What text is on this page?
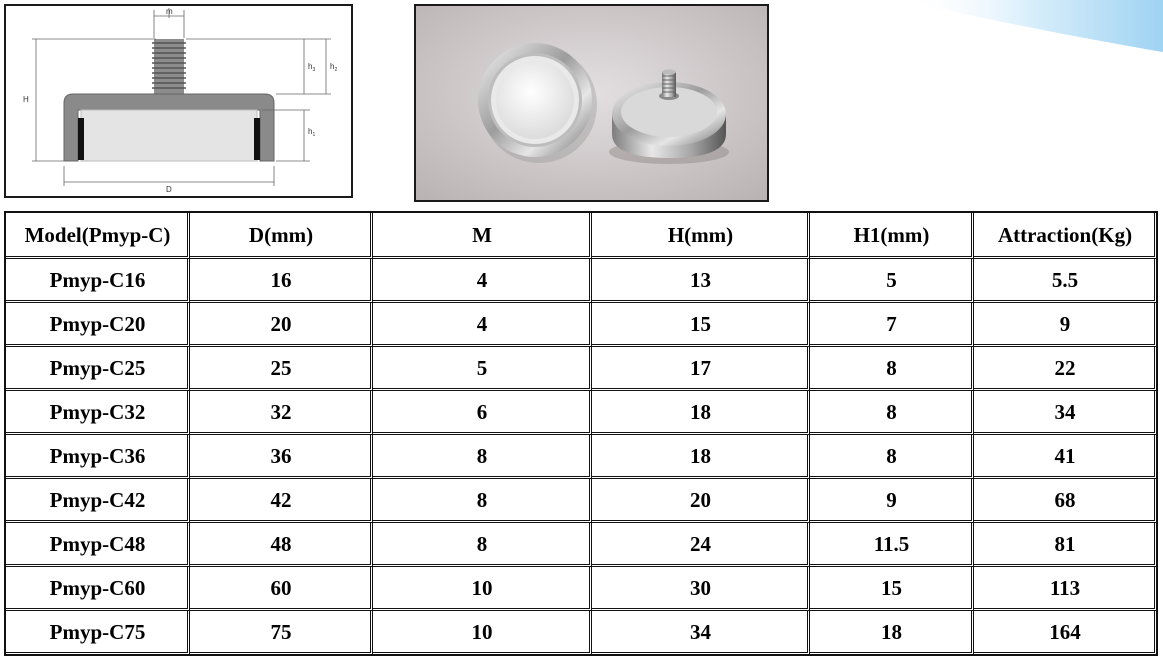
m
H
$h_3$ $h_2$
$h_1$
D
Model(Pmyp-C)	D(mm)	M	H(mm)	H1(mm)	Attraction(Kg)
Pmyp-C16	16	4	13	5	5.5
Pmyp-C20	20	4	15	7	9
Pmyp-C25	25	5	17	8	22
Pmyp-C32	32	6	18	8	34
Pmyp-C36	36	8	18	8	41
Pmyp-C42	42	8	20	9	68
Pmyp-C48	48	8	24	11.5	81
Pmyp-C60	60	10	30	15	113
Pmyp-C75	75	10	34	18	164
